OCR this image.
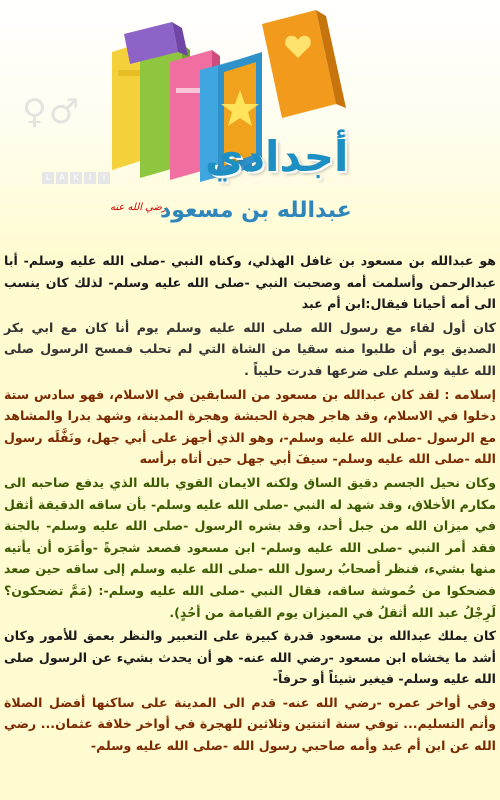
♀♂
L	A	K	I	I أجدادي
رضي الله عنه
عبدالله بن مسعود

هو عبدالله بن مسعود بن غافل الهذلي، وكناه النبي -صلى الله عليه وسلم- أبا عبدالرحمن وأسلمت أمه وصحبت النبي -صلى الله عليه وسلم- لذلك كان ينسب الى أمه أحيانا فيقال:ابن أم عبد

كان أول لقاء مع رسول الله صلى الله عليه وسلم يوم أنا كان مع ابي بكر الصديق يوم أن طلبوا منه سقيا من الشاة التي لم تحلب فمسح الرسول صلى الله علية وسلم على ضرعها فدرت حليباً .

إسلامه : لقد كان عبدالله بن مسعود من السابقين في الاسلام، فهو سادس ستة دخلوا في الاسلام، وقد هاجر هجرة الحبشة وهجرة المدينة، وشهد بدرا والمشاهد مع الرسول -صلى الله عليه وسلم-، وهو الذي أجهز على أبي جهل، ونَفَّلَه رسول الله -صلى الله عليه وسلم- سيفَ أبي جهل حين أتاه برأسه

وكان نحيل الجسم دقيق الساق ولكنه الايمان القوي بالله الذي يدفع صاحبه الى مكارم الأخلاق، وقد شهد له النبي -صلى الله عليه وسلم- بأن ساقه الدقيقة أثقل في ميزان الله من جبل أحد، وقد بشره الرسول -صلى الله عليه وسلم- بالجنة فقد أمر النبي -صلى الله عليه وسلم- ابن مسعود فصعد شجرةً -وأمَرَه أن يأتيه منها بشيء، فنظر أصحابُ رسول الله -صلى الله عليه وسلم إلى ساقه حين صعد فضحكوا من حُموشة ساقه، فقال النبي -صلى الله عليه وسلم-: (مَمَّ تضحكون؟ لَرِجْلُ عبد الله أثقلُ في الميزان يوم القيامة من أحُدٍ).

كان يملك عبدالله بن مسعود قدرة كبيرة على التعبير والنظر بعمق للأمور وكان أشد ما يخشاه ابن مسعود -رضي الله عنه- هو أن يحدث بشيء عن الرسول صلى الله عليه وسلم- فيغير شيئاً أو حرفاً-

وفي أواخر عمره -رضي الله عنه- قدم الى المدينة على ساكنها أفضل الصلاة وأتم التسليم... توفي سنة اثنتين وثلاثين للهجرة في أواخر خلافة عثمان... رضي الله عن ابن أم عبد وأمه صاحبي رسول الله -صلى الله عليه وسلم-
